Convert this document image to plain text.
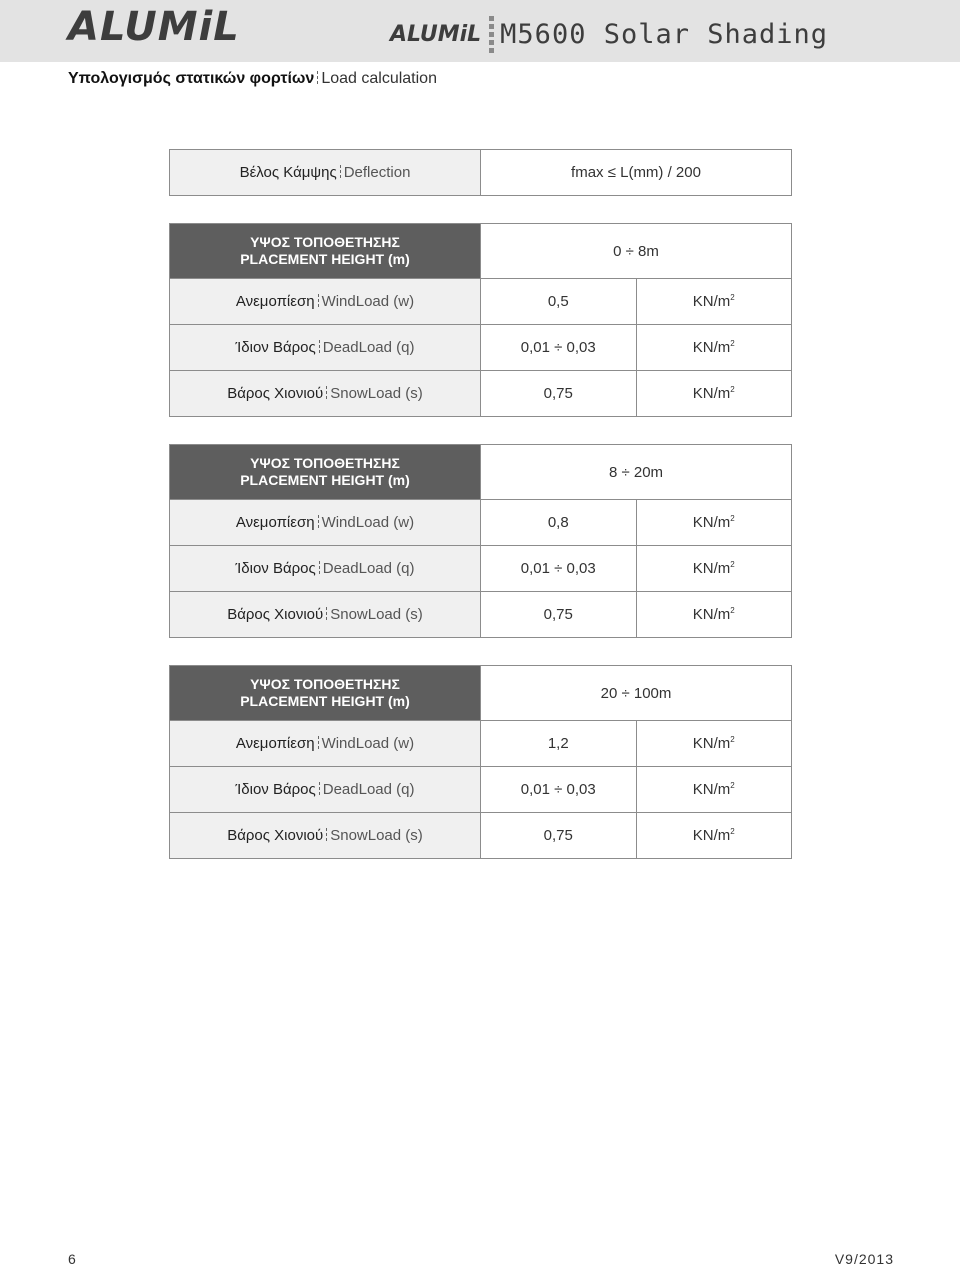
ALUMiL	ALUMiL M5600 Solar Shading
Υπολογισμός στατικών φορτίων Load calculation
Βέλος Κάμψης Deflection	fmax ≤ L(mm) / 200
ΥΨΟΣ ΤΟΠΟΘΕΤΗΣΗΣ
PLACEMENT HEIGHT (m)	0 ÷ 8m	
Ανεμοπίεση WindLoad (w)	0,5	$KN/m^2$
Ίδιον Βάρος DeadLoad (q)	0,01 ÷ 0,03	$KN/m^2$
Βάρος Χιονιού SnowLoad (s)	0,75	$KN/m^2$
ΥΨΟΣ ΤΟΠΟΘΕΤΗΣΗΣ
PLACEMENT HEIGHT (m)	8 ÷ 20m	
Ανεμοπίεση WindLoad (w)	0,8	$KN/m^2$
Ίδιον Βάρος DeadLoad (q)	0,01 ÷ 0,03	$KN/m^2$
Βάρος Χιονιού SnowLoad (s)	0,75	$KN/m^2$
ΥΨΟΣ ΤΟΠΟΘΕΤΗΣΗΣ
PLACEMENT HEIGHT (m)	20 ÷ 100m	
Ανεμοπίεση WindLoad (w)	1,2	$KN/m^2$
Ίδιον Βάρος DeadLoad (q)	0,01 ÷ 0,03	$KN/m^2$
Βάρος Χιονιού SnowLoad (s)	0,75	$KN/m^2$
6	V9/2013
